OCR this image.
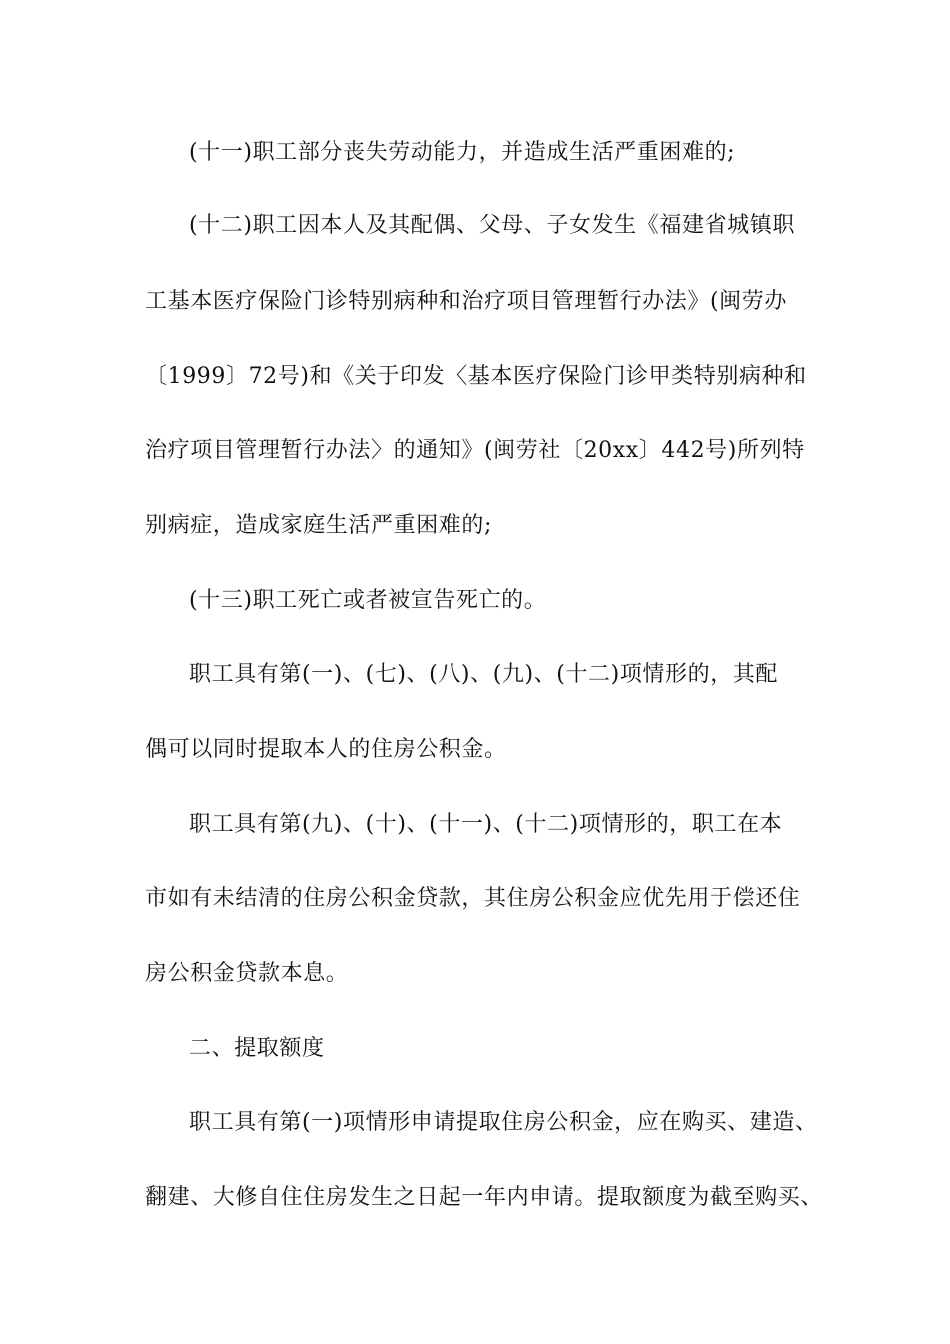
(十一)职工部分丧失劳动能力，并造成生活严重困难的;
(十二)职工因本人及其配偶、父母、子女发生《福建省城镇职
工基本医疗保险门诊特别病种和治疗项目管理暂行办法》(闽劳办
〔1999〕72号)和《关于印发〈基本医疗保险门诊甲类特别病种和
治疗项目管理暂行办法〉的通知》(闽劳社〔20xx〕442号)所列特
别病症，造成家庭生活严重困难的;
(十三)职工死亡或者被宣告死亡的。
职工具有第(一)、(七)、(八)、(九)、(十二)项情形的，其配
偶可以同时提取本人的住房公积金。
职工具有第(九)、(十)、(十一)、(十二)项情形的，职工在本
市如有未结清的住房公积金贷款，其住房公积金应优先用于偿还住
房公积金贷款本息。
二、提取额度
职工具有第(一)项情形申请提取住房公积金，应在购买、建造、
翻建、大修自住住房发生之日起一年内申请。提取额度为截至购买、
